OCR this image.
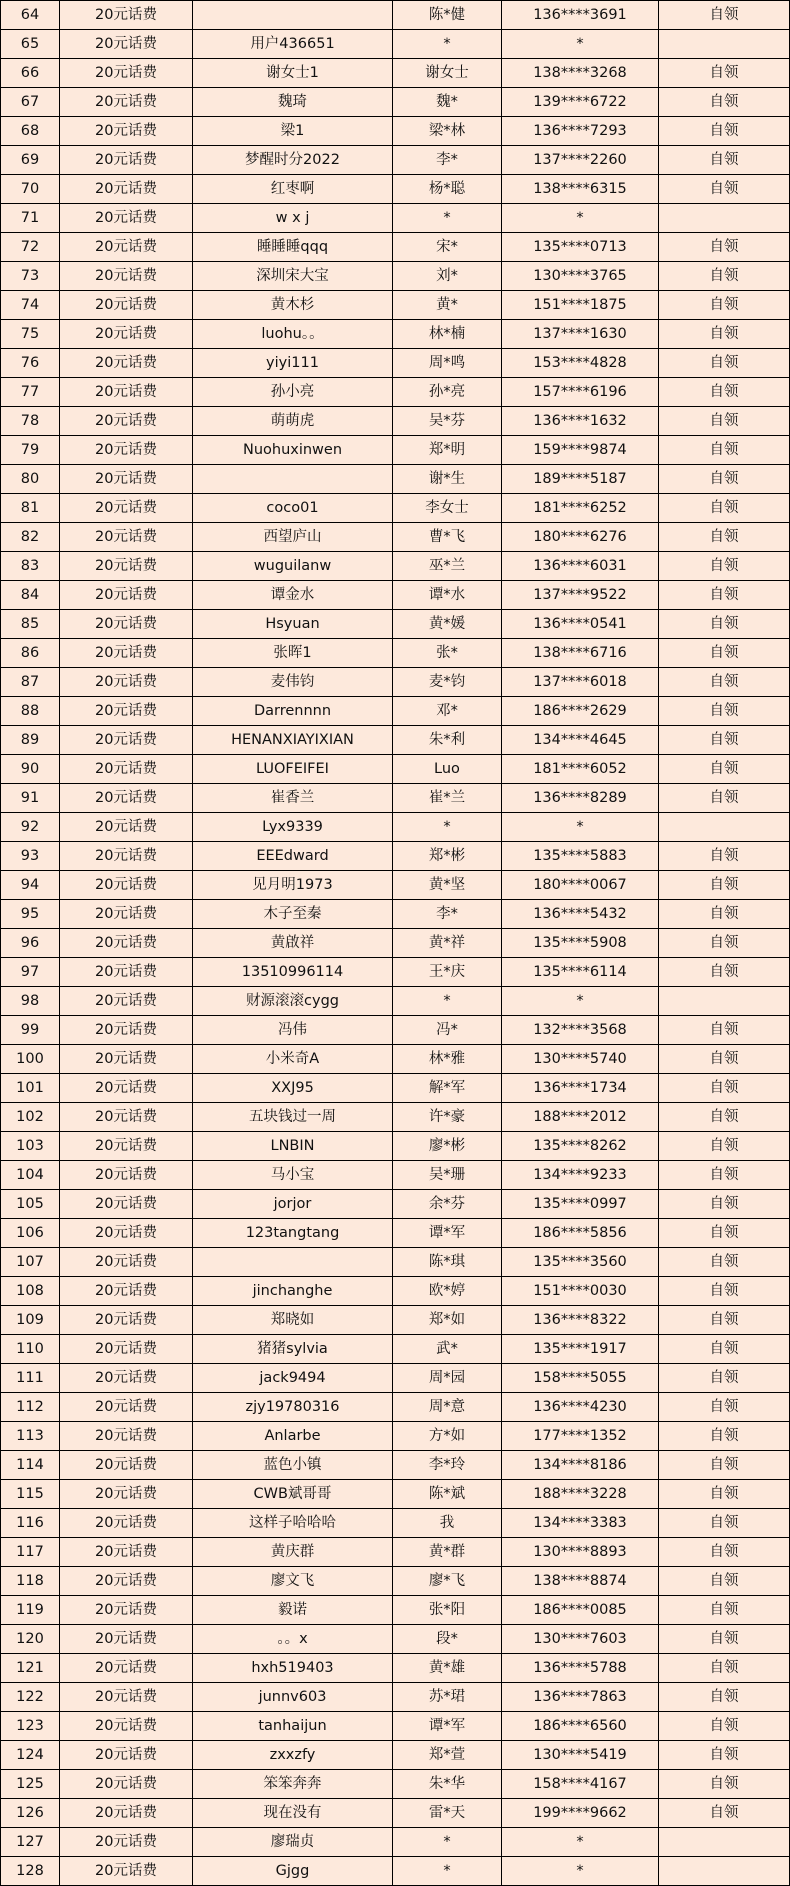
64	20元话费		陈*健	136****3691	自领
65	20元话费	用户436651	*	*	
66	20元话费	谢女士1	谢女士	138****3268	自领
67	20元话费	魏琦	魏*	139****6722	自领
68	20元话费	梁1	梁*林	136****7293	自领
69	20元话费	梦醒时分2022	李*	137****2260	自领
70	20元话费	红枣啊	杨*聪	138****6315	自领
71	20元话费	w x j	*	*	
72	20元话费	睡睡睡qqq	宋*	135****0713	自领
73	20元话费	深圳宋大宝	刘*	130****3765	自领
74	20元话费	黄木杉	黄*	151****1875	自领
75	20元话费	luohu。。	林*楠	137****1630	自领
76	20元话费	yiyi111	周*鸣	153****4828	自领
77	20元话费	孙小亮	孙*亮	157****6196	自领
78	20元话费	萌萌虎	吴*芬	136****1632	自领
79	20元话费	Nuohuxinwen	郑*明	159****9874	自领
80	20元话费		谢*生	189****5187	自领
81	20元话费	coco01	李女士	181****6252	自领
82	20元话费	西望庐山	曹*飞	180****6276	自领
83	20元话费	wuguilanw	巫*兰	136****6031	自领
84	20元话费	谭金水	谭*水	137****9522	自领
85	20元话费	Hsyuan	黄*媛	136****0541	自领
86	20元话费	张晖1	张*	138****6716	自领
87	20元话费	麦伟钧	麦*钧	137****6018	自领
88	20元话费	Darrennnn	邓*	186****2629	自领
89	20元话费	HENANXIAYIXIAN	朱*利	134****4645	自领
90	20元话费	LUOFEIFEI	Luo	181****6052	自领
91	20元话费	崔香兰	崔*兰	136****8289	自领
92	20元话费	Lyx9339	*	*	
93	20元话费	EEEdward	郑*彬	135****5883	自领
94	20元话费	见月明1973	黄*坚	180****0067	自领
95	20元话费	木子至秦	李*	136****5432	自领
96	20元话费	黄啟祥	黄*祥	135****5908	自领
97	20元话费	13510996114	王*庆	135****6114	自领
98	20元话费	财源滚滚cygg	*	*	
99	20元话费	冯伟	冯*	132****3568	自领
100	20元话费	小米奇A	林*雅	130****5740	自领
101	20元话费	XXJ95	解*军	136****1734	自领
102	20元话费	五块钱过一周	许*豪	188****2012	自领
103	20元话费	LNBIN	廖*彬	135****8262	自领
104	20元话费	马小宝	吴*珊	134****9233	自领
105	20元话费	jorjor	余*芬	135****0997	自领
106	20元话费	123tangtang	谭*军	186****5856	自领
107	20元话费		陈*琪	135****3560	自领
108	20元话费	jinchanghe	欧*婷	151****0030	自领
109	20元话费	郑晓如	郑*如	136****8322	自领
110	20元话费	猪猪sylvia	武*	135****1917	自领
111	20元话费	jack9494	周*园	158****5055	自领
112	20元话费	zjy19780316	周*意	136****4230	自领
113	20元话费	Anlarbe	方*如	177****1352	自领
114	20元话费	蓝色小镇	李*玲	134****8186	自领
115	20元话费	CWB斌哥哥	陈*斌	188****3228	自领
116	20元话费	这样子哈哈哈	我	134****3383	自领
117	20元话费	黄庆群	黄*群	130****8893	自领
118	20元话费	廖文飞	廖*飞	138****8874	自领
119	20元话费	毅诺	张*阳	186****0085	自领
120	20元话费	。。x	段*	130****7603	自领
121	20元话费	hxh519403	黄*雄	136****5788	自领
122	20元话费	junnv603	苏*珺	136****7863	自领
123	20元话费	tanhaijun	谭*军	186****6560	自领
124	20元话费	zxxzfy	郑*萱	130****5419	自领
125	20元话费	笨笨奔奔	朱*华	158****4167	自领
126	20元话费	现在没有	雷*天	199****9662	自领
127	20元话费	廖瑞贞	*	*	
128	20元话费	Gjgg	*	*	
